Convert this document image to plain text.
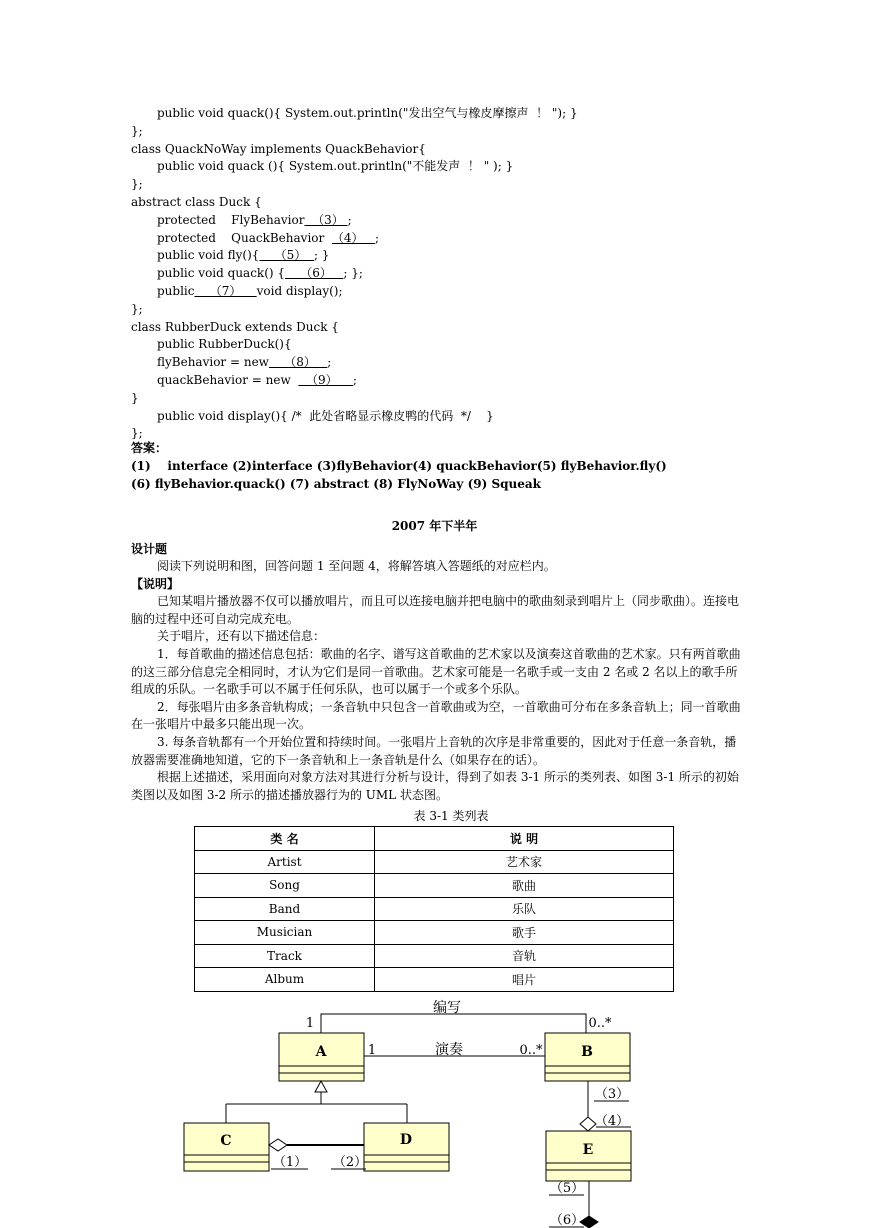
public void quack(){ System.out.println("发出空气与橡皮摩擦声  ！ "); }
};
class QuackNoWay implements QuackBehavior{
public void quack (){ System.out.println("不能发声  ！ " ); }
};
abstract class Duck {
protected    FlyBehavior  （3） ;
protected    QuackBehavior  （4）   ;
public void fly(){    （5）  ; }
public void quack() {    （6）   ; };
public    （7）    void display();
};
class RubberDuck extends Duck {
public RubberDuck(){
flyBehavior = new    （8）   ;
quackBehavior = new    （9）    ;
}
public void display(){ /*  此处省略显示橡皮鸭的代码  */    }
};
答案：
(1)    interface (2)interface (3)flyBehavior(4) quackBehavior(5) flyBehavior.fly()
(6) flyBehavior.quack() (7) abstract (8) FlyNoWay (9) Squeak
2007 年下半年
设计题

阅读下列说明和图，回答问题 1 至问题 4，将解答填入答题纸的对应栏内。

【说明】

已知某唱片播放器不仅可以播放唱片，而且可以连接电脑并把电脑中的歌曲刻录到唱片上（同步歌曲）。连接电脑的过程中还可自动完成充电。

关于唱片，还有以下描述信息：

1．每首歌曲的描述信息包括：歌曲的名字、谱写这首歌曲的艺术家以及演奏这首歌曲的艺术家。只有两首歌曲的这三部分信息完全相同时，才认为它们是同一首歌曲。艺术家可能是一名歌手或一支由 2 名或 2 名以上的歌手所组成的乐队。一名歌手可以不属于任何乐队，也可以属于一个或多个乐队。

2．每张唱片由多条音轨构成；一条音轨中只包含一首歌曲或为空，一首歌曲可分布在多条音轨上；同一首歌曲在一张唱片中最多只能出现一次。

3. 每条音轨都有一个开始位置和持续时间。一张唱片上音轨的次序是非常重要的，因此对于任意一条音轨，播放器需要准确地知道，它的下一条音轨和上一条音轨是什么（如果存在的话）。

根据上述描述，采用面向对象方法对其进行分析与设计，得到了如表 3-1 所示的类列表、如图 3-1 所示的初始类图以及如图 3-2 所示的描述播放器行为的 UML 状态图。

表 3-1 类列表
类 名	说 明
Artist	艺术家
Song	歌曲
Band	乐队
Musician	歌手
Track	音轨
Album	唱片
编写
1	0..*
演奏
1	0..*
A	B
C	D
（1） （2）
（3）
（4）
E
（5）
（6）
